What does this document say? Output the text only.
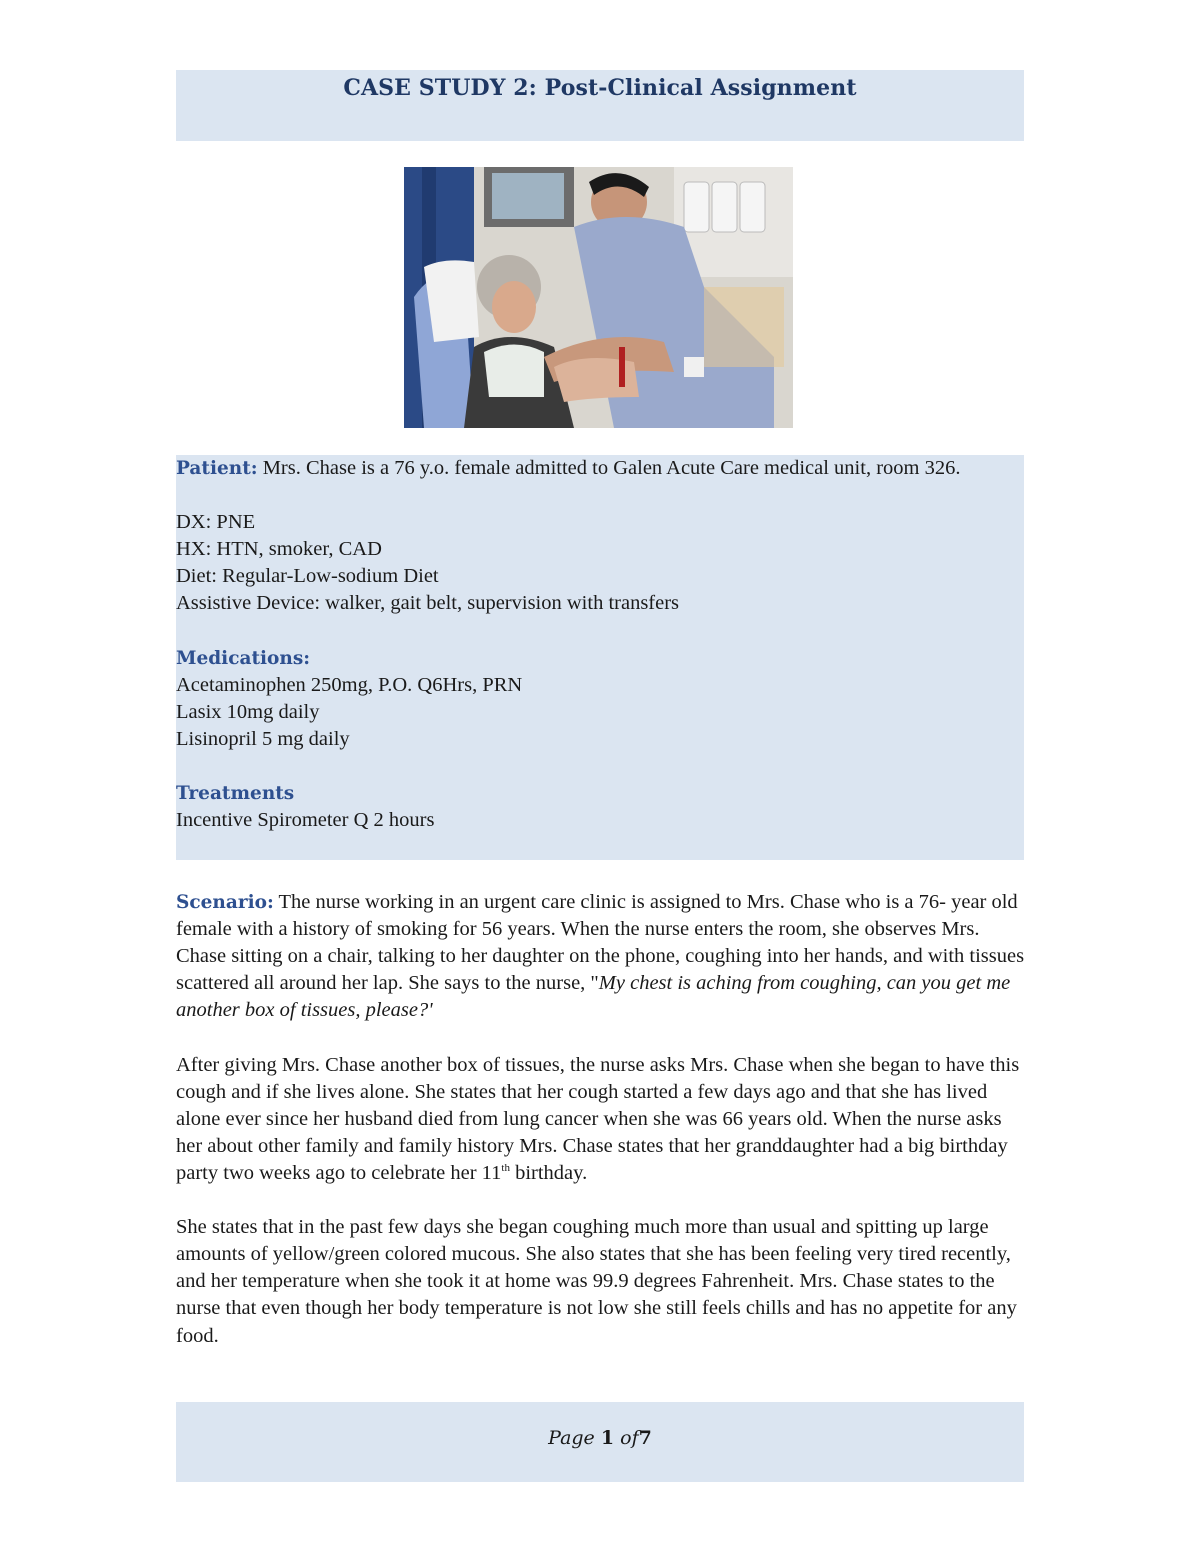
CASE STUDY 2: Post-Clinical Assignment

Patient: Mrs. Chase is a 76 y.o. female admitted to Galen Acute Care medical unit, room 326.

DX: PNE

HX: HTN, smoker, CAD

Diet: Regular-Low-sodium Diet

Assistive Device: walker, gait belt, supervision with transfers

Medications:

Acetaminophen 250mg, P.O. Q6Hrs, PRN

Lasix 10mg daily

Lisinopril 5 mg daily

Treatments

Incentive Spirometer Q 2 hours

Scenario: The nurse working in an urgent care clinic is assigned to Mrs. Chase who is a 76- year old female with a history of smoking for 56 years. When the nurse enters the room, she observes Mrs. Chase sitting on a chair, talking to her daughter on the phone, coughing into her hands, and with tissues scattered all around her lap. She says to the nurse, "My chest is aching from coughing, can you get me another box of tissues, please?'

After giving Mrs. Chase another box of tissues, the nurse asks Mrs. Chase when she began to have this cough and if she lives alone. She states that her cough started a few days ago and that she has lived alone ever since her husband died from lung cancer when she was 66 years old. When the nurse asks her about other family and family history Mrs. Chase states that her granddaughter had a big birthday party two weeks ago to celebrate her 11th birthday.

She states that in the past few days she began coughing much more than usual and spitting up large amounts of yellow/green colored mucous. She also states that she has been feeling very tired recently, and her temperature when she took it at home was 99.9 degrees Fahrenheit. Mrs. Chase states to the nurse that even though her body temperature is not low she still feels chills and has no appetite for any food.

Page 1 of7
